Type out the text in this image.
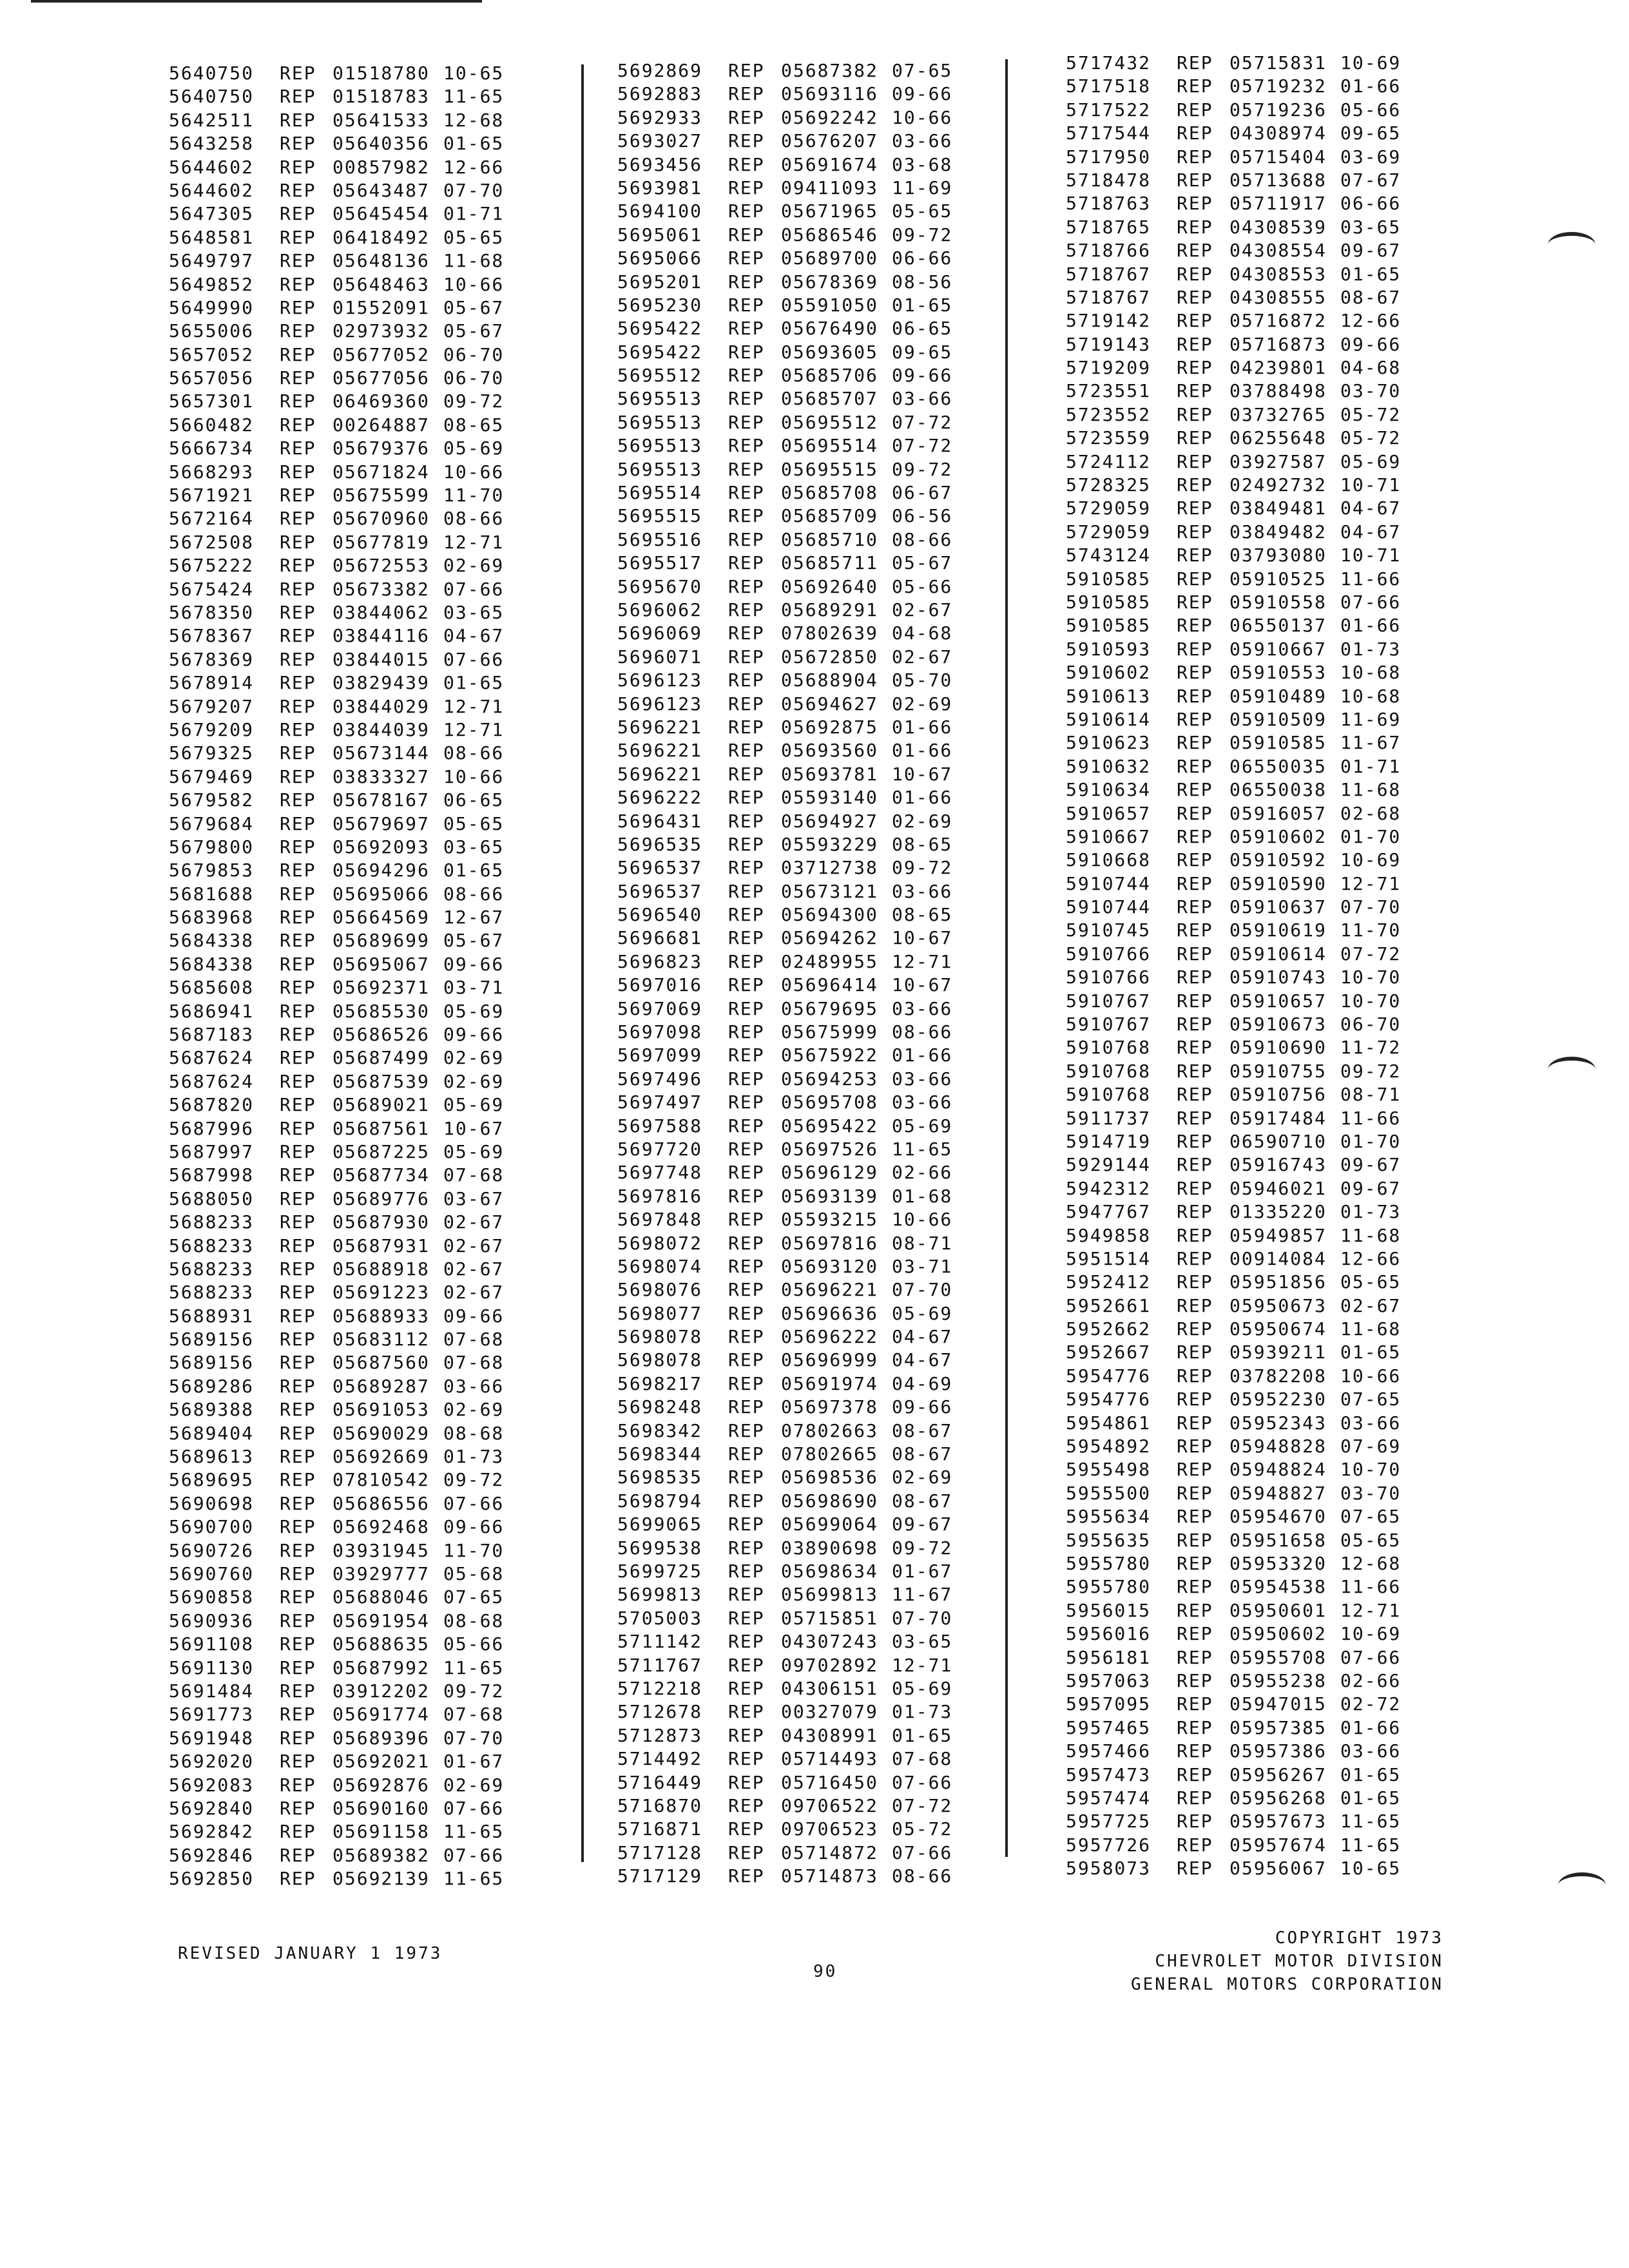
5640750 REP 01518780 10-65
5640750 REP 01518783 11-65
5642511 REP 05641533 12-68
5643258 REP 05640356 01-65
5644602 REP 00857982 12-66
5644602 REP 05643487 07-70
5647305 REP 05645454 01-71
5648581 REP 06418492 05-65
5649797 REP 05648136 11-68
5649852 REP 05648463 10-66
5649990 REP 01552091 05-67
5655006 REP 02973932 05-67
5657052 REP 05677052 06-70
5657056 REP 05677056 06-70
5657301 REP 06469360 09-72
5660482 REP 00264887 08-65
5666734 REP 05679376 05-69
5668293 REP 05671824 10-66
5671921 REP 05675599 11-70
5672164 REP 05670960 08-66
5672508 REP 05677819 12-71
5675222 REP 05672553 02-69
5675424 REP 05673382 07-66
5678350 REP 03844062 03-65
5678367 REP 03844116 04-67
5678369 REP 03844015 07-66
5678914 REP 03829439 01-65
5679207 REP 03844029 12-71
5679209 REP 03844039 12-71
5679325 REP 05673144 08-66
5679469 REP 03833327 10-66
5679582 REP 05678167 06-65
5679684 REP 05679697 05-65
5679800 REP 05692093 03-65
5679853 REP 05694296 01-65
5681688 REP 05695066 08-66
5683968 REP 05664569 12-67
5684338 REP 05689699 05-67
5684338 REP 05695067 09-66
5685608 REP 05692371 03-71
5686941 REP 05685530 05-69
5687183 REP 05686526 09-66
5687624 REP 05687499 02-69
5687624 REP 05687539 02-69
5687820 REP 05689021 05-69
5687996 REP 05687561 10-67
5687997 REP 05687225 05-69
5687998 REP 05687734 07-68
5688050 REP 05689776 03-67
5688233 REP 05687930 02-67
5688233 REP 05687931 02-67
5688233 REP 05688918 02-67
5688233 REP 05691223 02-67
5688931 REP 05688933 09-66
5689156 REP 05683112 07-68
5689156 REP 05687560 07-68
5689286 REP 05689287 03-66
5689388 REP 05691053 02-69
5689404 REP 05690029 08-68
5689613 REP 05692669 01-73
5689695 REP 07810542 09-72
5690698 REP 05686556 07-66
5690700 REP 05692468 09-66
5690726 REP 03931945 11-70
5690760 REP 03929777 05-68
5690858 REP 05688046 07-65
5690936 REP 05691954 08-68
5691108 REP 05688635 05-66
5691130 REP 05687992 11-65
5691484 REP 03912202 09-72
5691773 REP 05691774 07-68
5691948 REP 05689396 07-70
5692020 REP 05692021 01-67
5692083 REP 05692876 02-69
5692840 REP 05690160 07-66
5692842 REP 05691158 11-65
5692846 REP 05689382 07-66
5692850 REP 05692139 11-65
5692869 REP 05687382 07-65
5692883 REP 05693116 09-66
5692933 REP 05692242 10-66
5693027 REP 05676207 03-66
5693456 REP 05691674 03-68
5693981 REP 09411093 11-69
5694100 REP 05671965 05-65
5695061 REP 05686546 09-72
5695066 REP 05689700 06-66
5695201 REP 05678369 08-56
5695230 REP 05591050 01-65
5695422 REP 05676490 06-65
5695422 REP 05693605 09-65
5695512 REP 05685706 09-66
5695513 REP 05685707 03-66
5695513 REP 05695512 07-72
5695513 REP 05695514 07-72
5695513 REP 05695515 09-72
5695514 REP 05685708 06-67
5695515 REP 05685709 06-56
5695516 REP 05685710 08-66
5695517 REP 05685711 05-67
5695670 REP 05692640 05-66
5696062 REP 05689291 02-67
5696069 REP 07802639 04-68
5696071 REP 05672850 02-67
5696123 REP 05688904 05-70
5696123 REP 05694627 02-69
5696221 REP 05692875 01-66
5696221 REP 05693560 01-66
5696221 REP 05693781 10-67
5696222 REP 05593140 01-66
5696431 REP 05694927 02-69
5696535 REP 05593229 08-65
5696537 REP 03712738 09-72
5696537 REP 05673121 03-66
5696540 REP 05694300 08-65
5696681 REP 05694262 10-67
5696823 REP 02489955 12-71
5697016 REP 05696414 10-67
5697069 REP 05679695 03-66
5697098 REP 05675999 08-66
5697099 REP 05675922 01-66
5697496 REP 05694253 03-66
5697497 REP 05695708 03-66
5697588 REP 05695422 05-69
5697720 REP 05697526 11-65
5697748 REP 05696129 02-66
5697816 REP 05693139 01-68
5697848 REP 05593215 10-66
5698072 REP 05697816 08-71
5698074 REP 05693120 03-71
5698076 REP 05696221 07-70
5698077 REP 05696636 05-69
5698078 REP 05696222 04-67
5698078 REP 05696999 04-67
5698217 REP 05691974 04-69
5698248 REP 05697378 09-66
5698342 REP 07802663 08-67
5698344 REP 07802665 08-67
5698535 REP 05698536 02-69
5698794 REP 05698690 08-67
5699065 REP 05699064 09-67
5699538 REP 03890698 09-72
5699725 REP 05698634 01-67
5699813 REP 05699813 11-67
5705003 REP 05715851 07-70
5711142 REP 04307243 03-65
5711767 REP 09702892 12-71
5712218 REP 04306151 05-69
5712678 REP 00327079 01-73
5712873 REP 04308991 01-65
5714492 REP 05714493 07-68
5716449 REP 05716450 07-66
5716870 REP 09706522 07-72
5716871 REP 09706523 05-72
5717128 REP 05714872 07-66
5717129 REP 05714873 08-66
5717432 REP 05715831 10-69
5717518 REP 05719232 01-66
5717522 REP 05719236 05-66
5717544 REP 04308974 09-65
5717950 REP 05715404 03-69
5718478 REP 05713688 07-67
5718763 REP 05711917 06-66
5718765 REP 04308539 03-65
5718766 REP 04308554 09-67
5718767 REP 04308553 01-65
5718767 REP 04308555 08-67
5719142 REP 05716872 12-66
5719143 REP 05716873 09-66
5719209 REP 04239801 04-68
5723551 REP 03788498 03-70
5723552 REP 03732765 05-72
5723559 REP 06255648 05-72
5724112 REP 03927587 05-69
5728325 REP 02492732 10-71
5729059 REP 03849481 04-67
5729059 REP 03849482 04-67
5743124 REP 03793080 10-71
5910585 REP 05910525 11-66
5910585 REP 05910558 07-66
5910585 REP 06550137 01-66
5910593 REP 05910667 01-73
5910602 REP 05910553 10-68
5910613 REP 05910489 10-68
5910614 REP 05910509 11-69
5910623 REP 05910585 11-67
5910632 REP 06550035 01-71
5910634 REP 06550038 11-68
5910657 REP 05916057 02-68
5910667 REP 05910602 01-70
5910668 REP 05910592 10-69
5910744 REP 05910590 12-71
5910744 REP 05910637 07-70
5910745 REP 05910619 11-70
5910766 REP 05910614 07-72
5910766 REP 05910743 10-70
5910767 REP 05910657 10-70
5910767 REP 05910673 06-70
5910768 REP 05910690 11-72
5910768 REP 05910755 09-72
5910768 REP 05910756 08-71
5911737 REP 05917484 11-66
5914719 REP 06590710 01-70
5929144 REP 05916743 09-67
5942312 REP 05946021 09-67
5947767 REP 01335220 01-73
5949858 REP 05949857 11-68
5951514 REP 00914084 12-66
5952412 REP 05951856 05-65
5952661 REP 05950673 02-67
5952662 REP 05950674 11-68
5952667 REP 05939211 01-65
5954776 REP 03782208 10-66
5954776 REP 05952230 07-65
5954861 REP 05952343 03-66
5954892 REP 05948828 07-69
5955498 REP 05948824 10-70
5955500 REP 05948827 03-70
5955634 REP 05954670 07-65
5955635 REP 05951658 05-65
5955780 REP 05953320 12-68
5955780 REP 05954538 11-66
5956015 REP 05950601 12-71
5956016 REP 05950602 10-69
5956181 REP 05955708 07-66
5957063 REP 05955238 02-66
5957095 REP 05947015 02-72
5957465 REP 05957385 01-66
5957466 REP 05957386 03-66
5957473 REP 05956267 01-65
5957474 REP 05956268 01-65
5957725 REP 05957673 11-65
5957726 REP 05957674 11-65
5958073 REP 05956067 10-65
REVISED JANUARY 1 1973
90
COPYRIGHT 1973
CHEVROLET MOTOR DIVISION
GENERAL MOTORS CORPORATION
